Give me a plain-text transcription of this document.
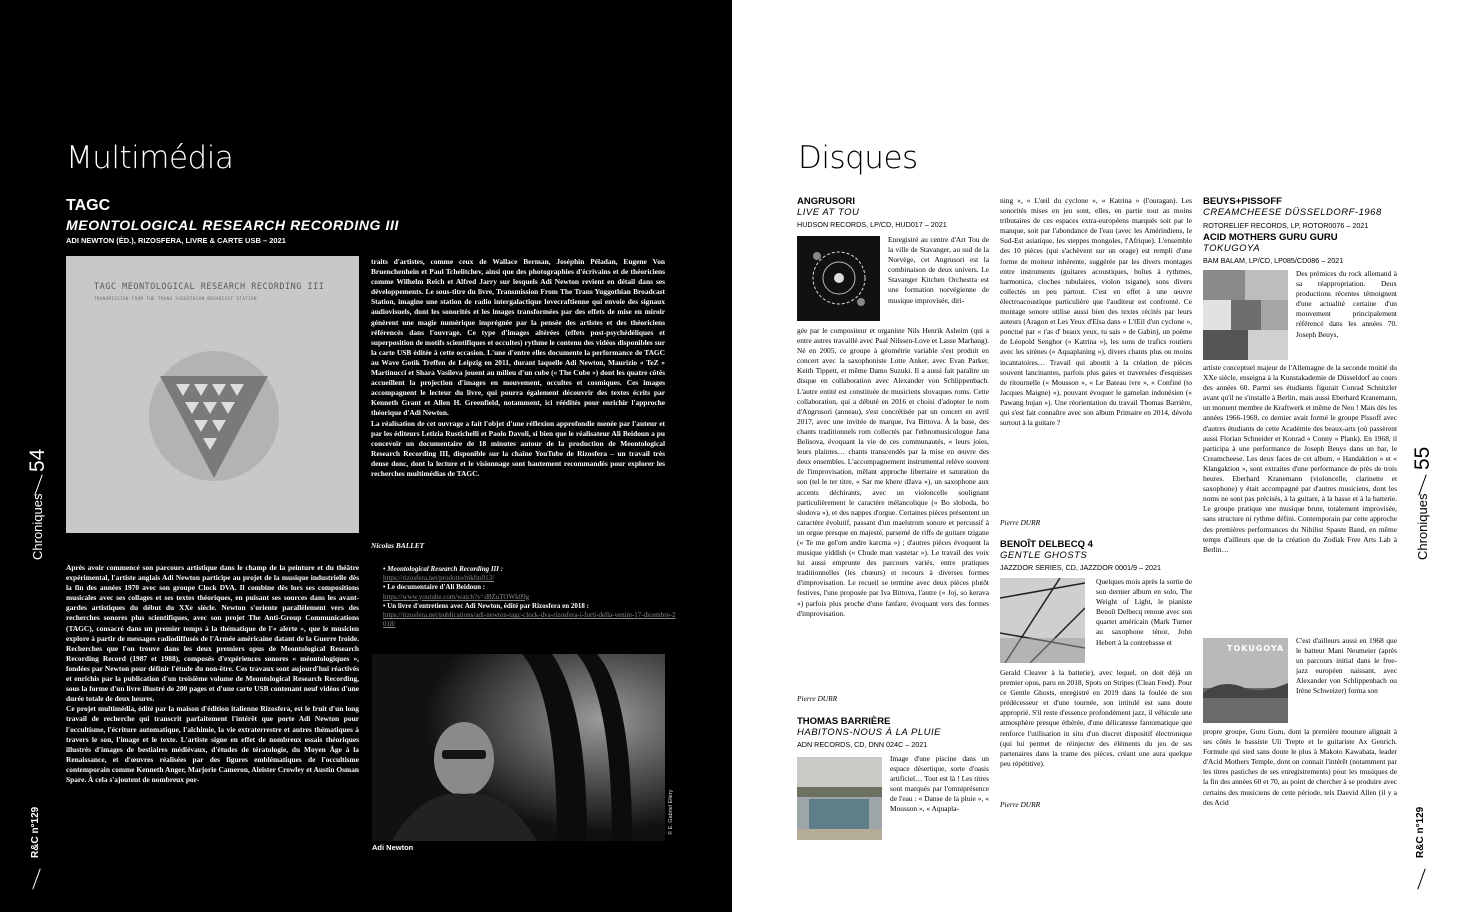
Multimédia
Chroniques
54
R&C n°129
TAGC
MEONTOLOGICAL RESEARCH RECORDING III
ADI NEWTON (ÉD.), RIZOSFERA, LIVRE & CARTE USB – 2021
TAGC MEONTOLOGICAL RESEARCH RECORDING III
TRANSMISSION FROM THE TRANS YUGGOTHIAN BROADCAST STATION

Après avoir commencé son parcours artistique dans le champ de la peinture et du théâtre expérimental, l'artiste anglais Adi Newton participe au projet de la musique industrielle dès la fin des années 1970 avec son groupe Clock DVA. Il combine dès lors ses compositions musicales avec ses collages et ses textes théoriques, en puisant ses sources dans les avant-gardes artistiques du début du XXe siècle. Newton s'oriente parallèlement vers des recherches sonores plus scientifiques, avec son projet The Anti-Group Communications (TAGC), consacré dans un premier temps à la thématique de l'« alerte », que le musicien explore à partir de messages radiodiffusés de l'Armée américaine datant de la Guerre froide. Recherches que l'on trouve dans les deux premiers opus de Meontological Research Recording Record (1987 et 1988), composés d'expériences sonores « méontologiques », fondées par Newton pour définir l'étude du non-être. Ces travaux sont aujourd'hui réactivés et enrichis par la publication d'un troisième volume de Meontological Research Recording, sous la forme d'un livre illustré de 200 pages et d'une carte USB contenant neuf vidéos d'une durée totale de deux heures.

Ce projet multimédia, édité par la maison d'édition italienne Rizosfera, est le fruit d'un long travail de recherche qui transcrit parfaitement l'intérêt que porte Adi Newton pour l'occultisme, l'écriture automatique, l'alchimie, la vie extraterrestre et autres thématiques à travers le son, l'image et le texte. L'artiste signe en effet de nombreux essais théoriques illustrés d'images de bestiaires médiévaux, d'études de tératologie, du Moyen Âge à la Renaissance, et d'œuvres réalisées par des figures emblématiques de l'occultisme contemporain comme Kenneth Anger, Marjorie Cameron, Aleister Crowley et Austin Osman Spare. À cela s'ajoutent de nombreux por-

traits d'artistes, comme ceux de Wallace Berman, Joséphin Péladan, Eugene Von Bruenchenhein et Paul Tchelitchev, ainsi que des photographies d'écrivains et de théoriciens comme Wilhelm Reich et Alfred Jarry sur lesquels Adi Newton revient en détail dans ses développements. Le sous-titre du livre, Transmission From The Trans Yuggothian Broadcast Station, imagine une station de radio intergalactique lovecraftienne qui envoie des signaux audiovisuels, dont les sonorités et les images transformées par des effets de mise en miroir génèrent une magie numérique imprégnée par la pensée des artistes et des théoriciens référencés dans l'ouvrage. Ce type d'images altérées (effets post-psychédéliques et superposition de motifs scientifiques et occultes) rythme le contenu des vidéos disponibles sur la carte USB éditée à cette occasion. L'une d'entre elles documente la performance de TAGC au Wave Gotik Treffen de Leipzig en 2011, durant laquelle Adi Newton, Maurizio « TeZ » Martinucci et Shara Vasileva jouent au milieu d'un cube (« The Cube ») dont les quatre côtés accueillent la projection d'images en mouvement, occultes et cosmiques. Ces images accompagnent le lecteur du livre, qui pourra également découvrir des textes écrits par Kenneth Grant et Allen H. Greenfield, notamment, ici réédités pour enrichir l'approche théorique d'Adi Newton.

La réalisation de cet ouvrage a fait l'objet d'une réflexion approfondie menée par l'auteur et par les éditeurs Letizia Rustichelli et Paolo Davoli, si bien que le réalisateur Ali Beidoun a pu concevoir un documentaire de 18 minutes autour de la production de Meontological Research Recording III, disponible sur la chaîne YouTube de Rizosfera – un travail très dense donc, dont la lecture et le visionnage sont hautement recommandés pour explorer les recherches multimédias de TAGC.

Nicolas BALLET
• Meontological Research Recording III :
https://rizosfera.net/prodotto/mkfm013/
• Le documentaire d'Ali Beidoun :
https://www.youtube.com/watch?v=d8ZuTOWk09g
• Un livre d'entretiens avec Adi Newton, édité par Rizosfera en 2018 :
https://rizosfera.net/publications/adi-newton-tagc-clock-dva-rizosfera-i-forti-della-venire-17-dicembre-2018/
© E. Gabriel Ellery
Adi Newton
Disques
Chroniques
55
R&C n°129
ANGRUSORI
LIVE AT TOU
HUDSON RECORDS, LP/CD, HUD017 – 2021
Enregistré au centre d'Art Tou de la ville de Stavanger, au sud de la Norvège, cet Angrusori est la combinaison de deux univers. Le Stavanger Kitchen Orchestra est une formation norvégienne de musique improvisée, diri-
gée par le compositeur et organiste Nils Henrik Asheim (qui a entre autres travaillé avec Paal Nilssen-Love et Lasse Marhaug). Né en 2005, ce groupe à géométrie variable s'est produit en concert avec la saxophoniste Lotte Anker, avec Evan Parker, Keith Tippett, et même Damo Suzuki. Il a aussi fait paraître un disque en collaboration avec Alexander von Schlippenbach. L'autre entité est constituée de musiciens slovaques roms. Cette collaboration, qui a débuté en 2016 et choisi d'adopter le nom d'Angrusori (anneau), s'est concrétisée par un concert en avril 2017, avec une invitée de marque, Iva Bittova. À la base, des chants traditionnels rom collectés par l'ethnomusicologue Jana Belisova, évoquant la vie de ces communautés, « leurs joies, leurs plaintes… chants transcendés par la mise en œuvre des deux ensembles. L'accompagnement instrumental relève souvent de l'improvisation, mêlant approche libertaire et saturation du son (tel le ter titre, « Sar me khere džava »), un saxophone aux accents déchirants, avec un violoncelle soulignant particulièrement le caractère mélancolique (« Bo sloboda, bo slodova »), et des nappes d'orgue. Certaines pièces présentent un caractère évolutif, passant d'un maelstrom sonore et percussif à un orgue presque en majesté, parsemé de riffs de guitare tzigane (« Te me gel'om andre karcma ») ; d'autres pièces évoquent la musique yiddish (« Chude man vastetar »). Le travail des voix lui aussi emprunte des parcours variés, entre pratiques traditionnelles (les chœurs) et recours à diverses formes d'improvisation. Le recueil se termine avec deux pièces plutôt festives, l'une proposée par Iva Bittova, l'autre (« Joj, so kerava ») parfois plus proche d'une fanfare, évoquant vers des formes d'improvisation.
Pierre DURR
THOMAS BARRIÈRE
HABITONS-NOUS À LA PLUIE
ADN RECORDS, CD, DNN 024C – 2021
Image d'une piscine dans un espace désertique, sorte d'oasis artificiel… Tout est là ! Les titres sont marqués par l'omniprésence de l'eau : « Danse de la pluie », « Mousson », « Aquapla-
ning », « L'œil du cyclone », « Katrina » (l'ouragan). Les sonorités mises en jeu sont, elles, en partie tout au moins tributaires de ces espaces extra-européens marqués soit par le manque, soit par l'abondance de l'eau (avec les Amérindiens, le Sud-Est asiatique, les steppes mongoles, l'Afrique). L'ensemble des 10 pièces (qui s'achèvent sur un orage) est rempli d'une forme de moiteur inhérente, suggérée par les divers montages entre instruments (guitares acoustiques, boîtes à rythmes, harmonica, cloches tubulaires, violon tsigane), sons divers collectés un peu partout. C'est en effet à une œuvre électroacoustique particulière que l'auditeur est confronté. Ce montage sonore utilise aussi bien des textes récités par leurs auteurs (Aragon et Les Yeux d'Elsa dans « L'Œil d'un cyclone », ponctué par « t'as d' beaux yeux, tu sais » de Gabin), un poème de Léopold Senghor (« Katrina »), les sons de trafics routiers avec les sirènes (« Aquaplaning »), divers chants plus ou moins incantatoires… Travail qui aboutit à la création de pièces souvent lancinantes, parfois plus gaies et traversées d'esquisses de ritournelle (« Mousson », « Le Bateau ivre », « Confiné (to Jacques Maigne) »), pouvant évoquer le gamelan indonésien (« Pawang hujan »). Une réorientation du travail Thomas Barrière, qui s'est fait connaître avec son album Primaire en 2014, dévolu surtout à la guitare ?
Pierre DURR
BENOÎT DELBECQ 4
GENTLE GHOSTS
JAZZDOR SERIES, CD, JAZZDOR 0001/9 – 2021
Quelques mois après la sortie de son dernier album en solo, The Weight of Light, le pianiste Benoît Delbecq renoue avec son quartet américain (Mark Turner au saxophone ténor, John Hebert à la contrebasse et
Gerald Cleaver à la batterie), avec lequel, on doit déjà un premier opus, paru en 2018, Spots on Stripes (Clean Feed). Pour ce Gentle Ghosts, enregistré en 2019 dans la foulée de son prédécesseur et d'une tournée, son intitulé est sans doute approprié. S'il reste d'essence profondément jazz, il véhicule une atmosphère presque éthérée, d'une délicatesse fantomatique que renforce l'utilisation in situ d'un discret dispositif électronique (qui lui permet de réinjecter des éléments du jeu de ses partenaires dans la trame des pièces, créant une aura quelque peu répétitive).
Pierre DURR
BEUYS+PISSOFF
CREAMCHEESE DÜSSELDORF-1968
ROTORELIEF RECORDS, LP, ROTOR0076 – 2021
ACID MOTHERS GURU GURU
TOKUGOYA
BAM BALAM, LP/CD, LP085/CD086 – 2021
Des prémices du rock allemand à sa réappropriation. Deux productions récentes témoignent d'une actualité certaine d'un mouvement principalement référencé dans les années 70. Joseph Beuys,
artiste conceptuel majeur de l'Allemagne de la seconde moitié du XXe siècle, enseigna à la Kunstakademie de Düsseldorf au cours des années 60. Parmi ses étudiants figurait Conrad Schnitzler avant qu'il ne s'installe à Berlin, mais aussi Eberhard Kranemann, un moment membre de Kraftwerk et même de Neu ! Mais dès les années 1966-1969, ce dernier avait formé le groupe Pissoff avec d'autres étudiants de cette Académie des beaux-arts (où passèrent aussi Florian Schneider et Konrad « Conny » Plank). En 1968, il participa à une performance de Joseph Beuys dans un bar, le Creamcheese. Les deux faces de cet album, « Handaktion » et « Klangaktion », sont extraites d'une performance de près de trois heures. Eberhard Kranemann (violoncelle, clarinette et saxophone) y était accompagné par d'autres musiciens, dont les noms ne sont pas précisés, à la guitare, à la basse et à la batterie. Le groupe pratique une musique brute, totalement improvisée, sans structure ni rythme défini. Contemporain par cette approche des premières performances du Nihilist Spasm Band, en même temps d'ailleurs que de la création du Zodiak Free Arts Lab à Berlin…
TOKUGOYA
C'est d'ailleurs aussi en 1968 que le batteur Mani Neumeier (après un parcours initial dans le free-jazz européen naissant, avec Alexander von Schlippenbach ou Irène Schweizer) forma son
propre groupe, Guru Guru, dont la première mouture alignait à ses côtés le bassiste Uli Trepte et le guitariste Ax Genrich. Formule qui sied sans doute le plus à Makoto Kawabata, leader d'Acid Mothers Temple, dont on connait l'intérêt (notamment par les titres pastiches de ses enregistrements) pour les musiques de la fin des années 60 et 70, au point de chercher à se produire avec certains des musiciens de cette période, tels Daevid Allen (il y a des Acid
